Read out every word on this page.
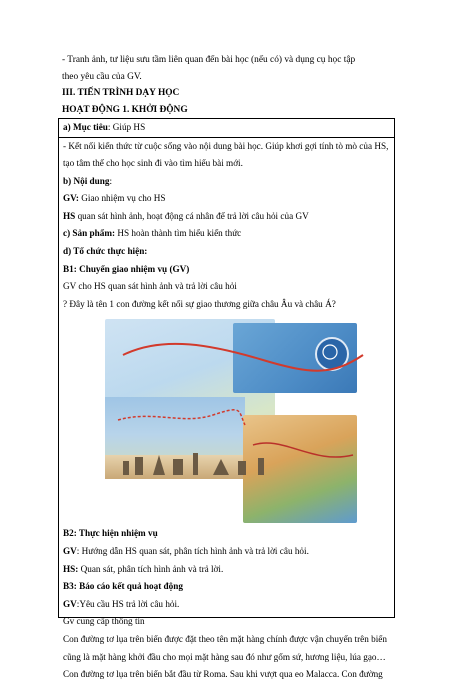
- Tranh ảnh, tư liệu sưu tầm liên quan đến bài học (nếu có) và dụng cụ học tập
theo yêu cầu của GV.
III. TIẾN TRÌNH DẠY HỌC
HOẠT ĐỘNG 1. KHỞI ĐỘNG
a) Mục tiêu: Giúp HS
- Kết nối kiến thức từ cuộc sống vào nội dung bài học. Giúp khơi gợi tính tò mò của HS,
tạo tâm thế cho học sinh đi vào tìm hiểu bài mới.
b) Nội dung:
GV: Giao nhiệm vụ cho HS
HS quan sát hình ảnh, hoạt động cá nhân để trả lời câu hỏi của GV
c) Sản phẩm: HS hoàn thành tìm hiểu kiến thức
d) Tổ chức thực hiện:
B1: Chuyển giao nhiệm vụ (GV)
GV cho HS quan sát hình ảnh và trả lời câu hỏi
? Đây là tên 1 con đường kết nối sự giao thương giữa châu Âu và châu Á?
B2: Thực hiện nhiệm vụ
GV: Hướng dẫn HS quan sát, phân tích hình ảnh và trả lời câu hỏi.
HS: Quan sát, phân tích hình ảnh và trả lời.
B3: Báo cáo kết quả hoạt động
GV:Yêu cầu HS trả lời câu hỏi.
Gv cung cấp thông tin
Con đường tơ lụa trên biển được đặt theo tên mặt hàng chính được vận chuyển trên biển
cũng là mặt hàng khởi đầu cho mọi mặt hàng sau đó như gốm sứ, hương liệu, lúa gạo…
Con đường tơ lụa trên biển bắt đầu từ Roma. Sau khi vượt qua eo Malacca. Con đường
